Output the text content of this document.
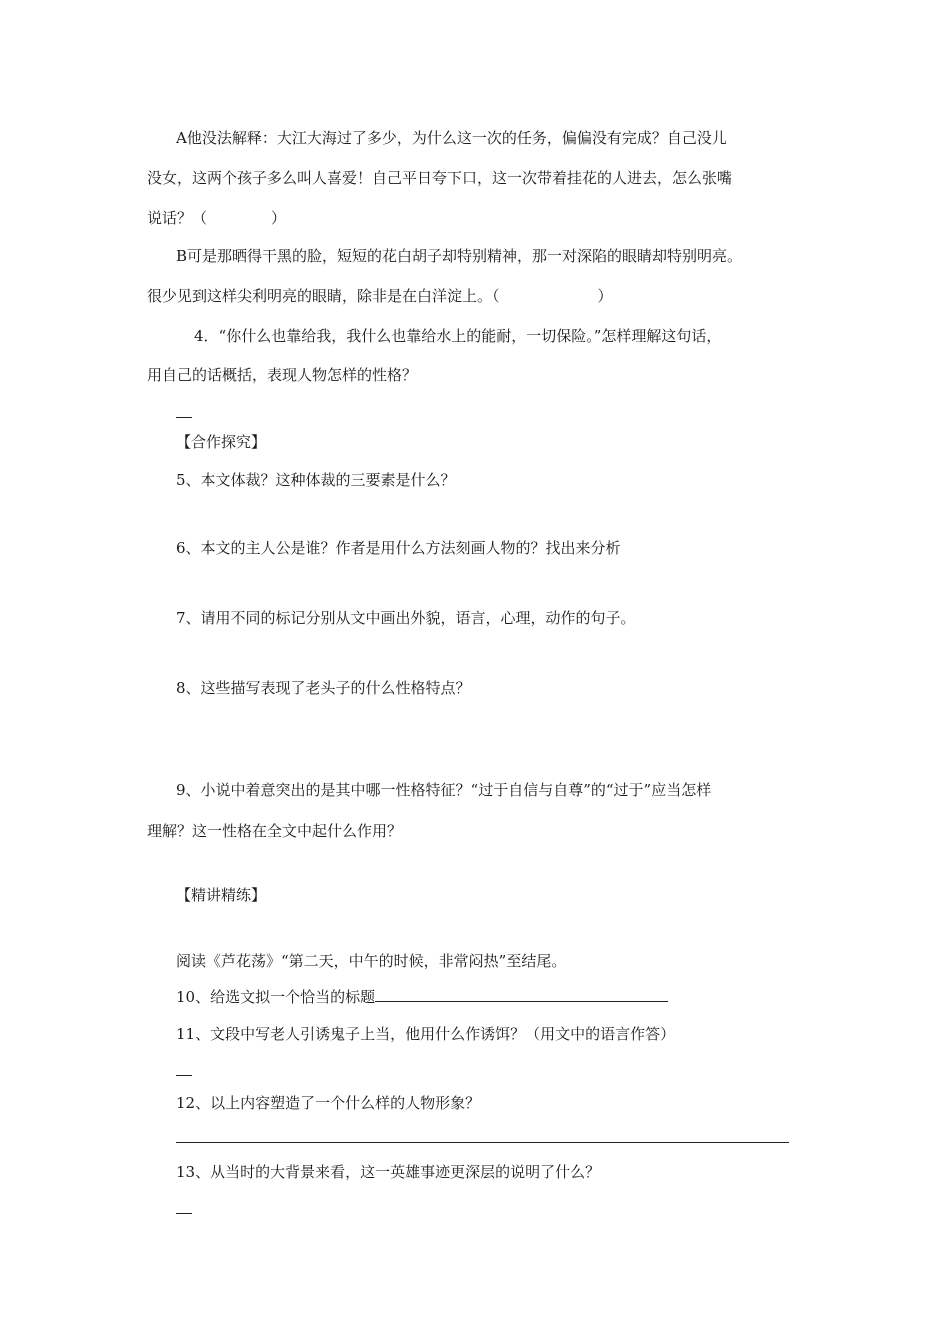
A他没法解释：大江大海过了多少，为什么这一次的任务，偏偏没有完成？自己没儿
没女，这两个孩子多么叫人喜爱！自己平日夸下口，这一次带着挂花的人进去，怎么张嘴
说话？（	）
B可是那晒得干黑的脸，短短的花白胡子却特别精神，那一对深陷的眼睛却特别明亮。
很少见到这样尖利明亮的眼睛，除非是在白洋淀上。（	）
4．“你什么也靠给我，我什么也靠给水上的能耐，一切保险。”怎样理解这句话，
用自己的话概括，表现人物怎样的性格？
【合作探究】
5、本文体裁？这种体裁的三要素是什么？
6、本文的主人公是谁？作者是用什么方法刻画人物的？找出来分析
7、请用不同的标记分别从文中画出外貌，语言，心理，动作的句子。
8、这些描写表现了老头子的什么性格特点？
9、小说中着意突出的是其中哪一性格特征？“过于自信与自尊”的“过于”应当怎样
理解？这一性格在全文中起什么作用？
【精讲精练】
阅读《芦花荡》“第二天，中午的时候，非常闷热”至结尾。
10、给选文拟一个恰当的标题
11、文段中写老人引诱鬼子上当，他用什么作诱饵？（用文中的语言作答）
12、以上内容塑造了一个什么样的人物形象？
13、从当时的大背景来看，这一英雄事迹更深层的说明了什么？
